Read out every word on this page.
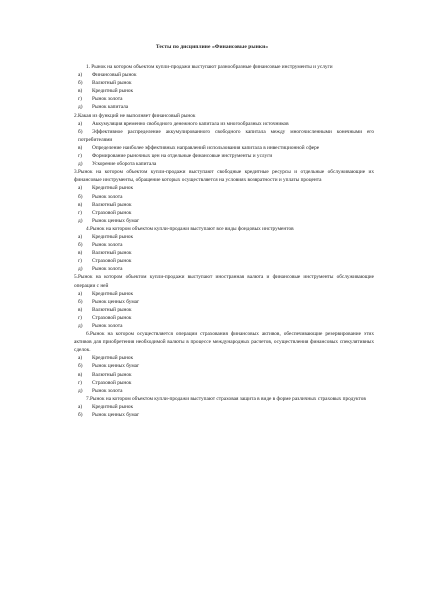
Тесты по дисциплине «Финансовые рынки»
1. Рынок на котором объектом купли-продажи выступают разнообразные финансовые инструменты и услуги
а) Финансовый рынок
б) Валютный рынок
в) Кредитный рынок
г) Рынок золота
д) Рынок капитала
2.Какая из функций не выполняет финансовый рынок
а) Аккумуляция временно свободного денежного капитала из многообразных источников
б) Эффективное распределение аккумулированного свободного капитала между многочисленными конечными его потребителями
в) Определение наиболее эффективных направлений использования капитала в инвестиционной сфере
г) Формирование рыночных цен на отдельные финансовые инструменты и услуги
д) Ускорение оборота капитала
3.Рынок на котором объектом купли-продажи выступают свободные кредитные ресурсы и отдельные обслуживающие их финансовые инструменты, обращение которых осуществляется на условиях возвратности и уплаты процента
а) Кредитный рынок
б) Рынок золота
в) Валютный рынок
г) Страховой рынок
д) Рынок ценных бумаг
4.Рынок на котором объектом купли-продажи выступают все виды фондовых инструментов
а) Кредитный рынок
б) Рынок золота
в) Валютный рынок
г) Страховой рынок
д) Рынок золота
5.Рынок на котором объектом купли-продажи выступают иностранная валюта и финансовые инструменты обслуживающие операции с ней
а) Кредитный рынок
б) Рынок ценных бумаг
в) Валютный рынок
г) Страховой рынок
д) Рынок золота
6.Рынок на котором осуществляется операции страхования финансовых активов, обеспечивающие резервирование этих активов для приобретения необходимой валюты в процессе международных расчетов, осуществления финансовых спекулятивных сделок.
а) Кредитный рынок
б) Рынок ценных бумаг
в) Валютный рынок
г) Страховой рынок
д) Рынок золота
7.Рынок на котором объектом купли-продажи выступают страховая защита в виде в форме различных страховых продуктов
а) Кредитный рынок
б) Рынок ценных бумаг
